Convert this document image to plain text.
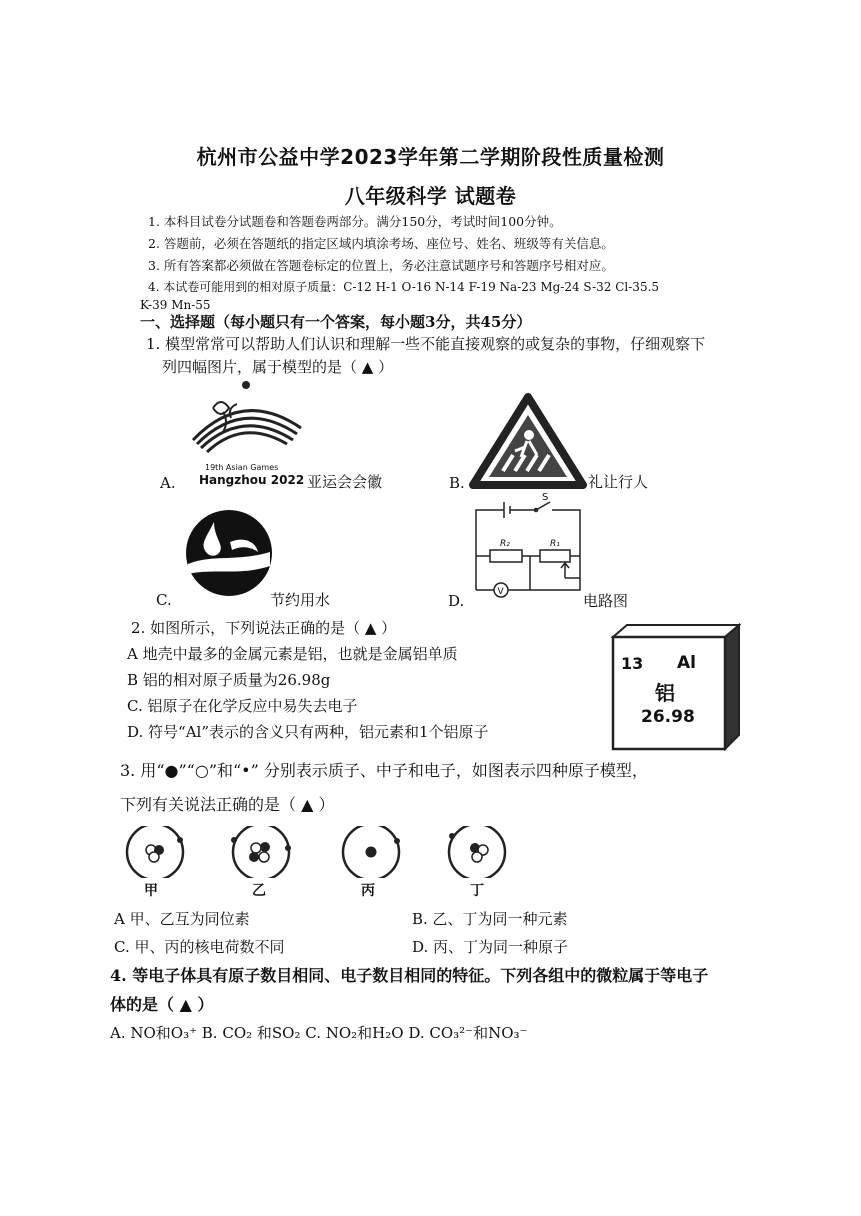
杭州市公益中学2023学年第二学期阶段性质量检测
八年级科学 试题卷
1. 本科目试卷分试题卷和答题卷两部分。满分150分，考试时间100分钟。
2. 答题前，必须在答题纸的指定区域内填涂考场、座位号、姓名、班级等有关信息。
3. 所有答案都必须做在答题卷标定的位置上，务必注意试题序号和答题序号相对应。
4. 本试卷可能用到的相对原子质量：C-12 H-1 O-16 N-14 F-19 Na-23 Mg-24 S-32 Cl-35.5
K-39 Mn-55
一、选择题（每小题只有一个答案，每小题3分，共45分）
1. 模型常常可以帮助人们认识和理解一些不能直接观察的或复杂的事物，仔细观察下
列四幅图片，属于模型的是（ ▲ ）
19th Asian Games
Hangzhou 2022
A.	亚运会会徽	B.	礼让行人
C.	节约用水
S
R₂	R₁
V
D.	电路图
2. 如图所示，下列说法正确的是（ ▲ ）
A 地壳中最多的金属元素是铝，也就是金属铝单质
B 铝的相对原子质量为26.98g
C. 铝原子在化学反应中易失去电子
D. 符号“Al”表示的含义只有两种，铝元素和1个铝原子
13 Al
铝
26.98
3. 用“●”“○”和“•” 分别表示质子、中子和电子，如图表示四种原子模型，
下列有关说法正确的是（ ▲ ）
甲	乙	丙	丁
A 甲、乙互为同位素	B. 乙、丁为同一种元素
C. 甲、丙的核电荷数不同	D. 丙、丁为同一种原子
4. 等电子体具有原子数目相同、电子数目相同的特征。下列各组中的微粒属于等电子
体的是（ ▲ ）
A. NO和O₃⁺ B. CO₂ 和SO₂ C. NO₂和H₂O D. CO₃²⁻和NO₃⁻
